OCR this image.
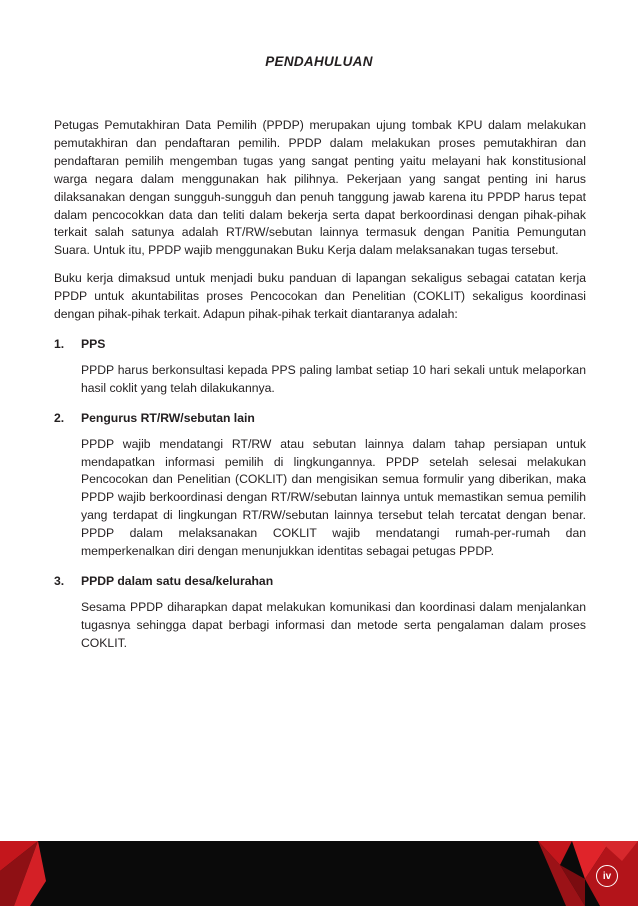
PENDAHULUAN

Petugas Pemutakhiran Data Pemilih (PPDP) merupakan ujung tombak KPU dalam melakukan pemutakhiran dan pendaftaran pemilih. PPDP dalam melakukan proses pemutakhiran dan pendaftaran pemilih mengemban tugas yang sangat penting yaitu melayani hak konstitusional warga negara dalam menggunakan hak pilihnya. Pekerjaan yang sangat penting ini harus dilaksanakan dengan sungguh-sungguh dan penuh tanggung jawab karena itu PPDP harus tepat dalam pencocokkan data dan teliti dalam bekerja serta dapat berkoordinasi dengan pihak-pihak terkait salah satunya adalah RT/RW/sebutan lainnya termasuk dengan Panitia Pemungutan Suara. Untuk itu, PPDP wajib menggunakan Buku Kerja dalam melaksanakan tugas tersebut.

Buku kerja dimaksud untuk menjadi buku panduan di lapangan sekaligus sebagai catatan kerja PPDP untuk akuntabilitas proses Pencocokan dan Penelitian (COKLIT) sekaligus koordinasi dengan pihak-pihak terkait. Adapun pihak-pihak terkait diantaranya adalah:

1.	PPS
PPDP harus berkonsultasi kepada PPS paling lambat setiap 10 hari sekali untuk melaporkan hasil coklit yang telah dilakukannya.
2.	Pengurus RT/RW/sebutan lain
PPDP wajib mendatangi RT/RW atau sebutan lainnya dalam tahap persiapan untuk mendapatkan informasi pemilih di lingkungannya. PPDP setelah selesai melakukan Pencocokan dan Penelitian (COKLIT) dan mengisikan semua formulir yang diberikan, maka PPDP wajib berkoordinasi dengan RT/RW/sebutan lainnya untuk memastikan semua pemilih yang terdapat di lingkungan RT/RW/sebutan lainnya tersebut telah tercatat dengan benar. PPDP dalam melaksanakan COKLIT wajib mendatangi rumah-per-rumah dan memperkenalkan diri dengan menunjukkan identitas sebagai petugas PPDP.
3.	PPDP dalam satu desa/kelurahan
Sesama PPDP diharapkan dapat melakukan komunikasi dan koordinasi dalam menjalankan tugasnya sehingga dapat berbagi informasi dan metode serta pengalaman dalam proses COKLIT.
iv
